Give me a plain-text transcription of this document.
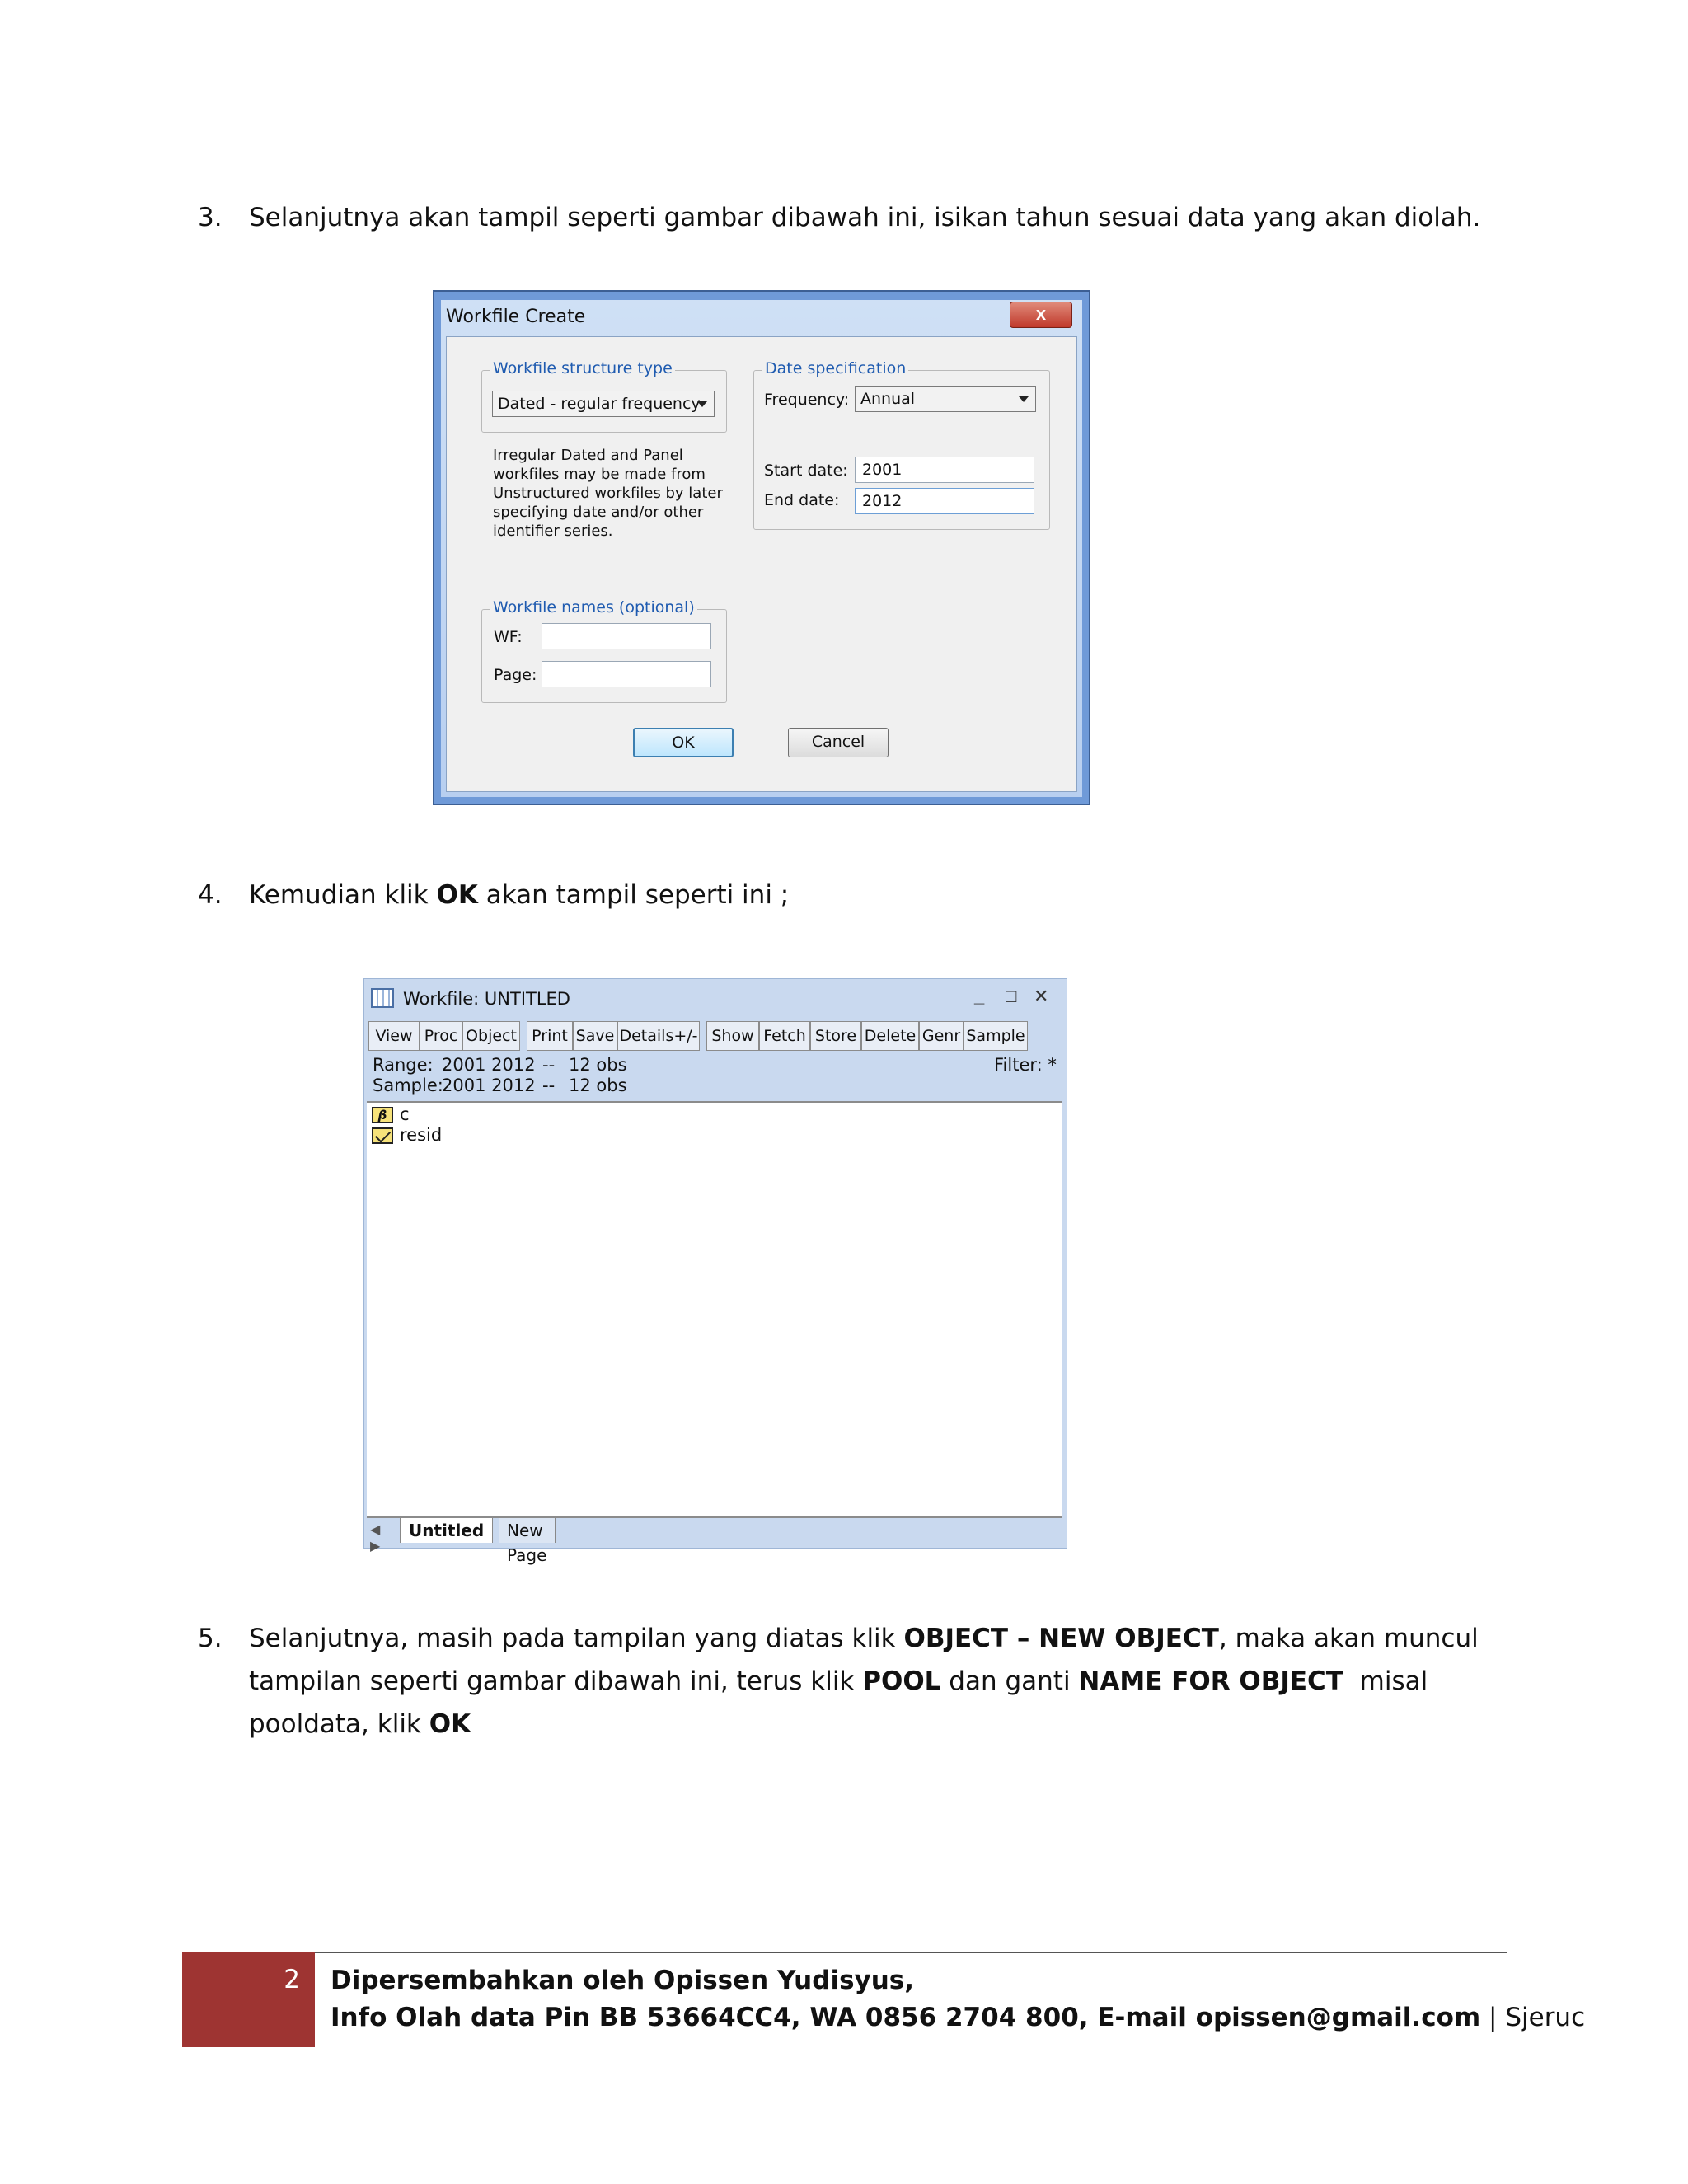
3. Selanjutnya akan tampil seperti gambar dibawah ini, isikan tahun sesuai data yang akan diolah.
Workfile Create	x
Workfile structure type
Dated - regular frequency
Irregular Dated and Panel workfiles may be made from Unstructured workfiles by later specifying date and/or other identifier series.
Date specification
Frequency: Annual
Start date: 2001
End date:	2012
Workfile names (optional)
WF:
Page:
OK	Cancel
4. Kemudian klik OK akan tampil seperti ini ;
Workfile: UNTITLED	_ □ ✕
View Proc Object Print Save Details+/- Show Fetch Store Delete Genr Sample
Range: 2001 2012 -- 12 obs
Sample:
2001 2012 -- 12 obs
Filter: *
β c
resid
◀ ▶
Untitled	New Page
5. Selanjutnya, masih pada tampilan yang diatas klik OBJECT – NEW OBJECT, maka akan muncul tampilan seperti gambar dibawah ini, terus klik POOL dan ganti NAME FOR OBJECT  misal pooldata, klik OK
2 Dipersembahkan oleh Opissen Yudisyus,
Info Olah data Pin BB 53664CC4, WA 0856 2704 800, E-mail opissen@gmail.com | Sjeruc
